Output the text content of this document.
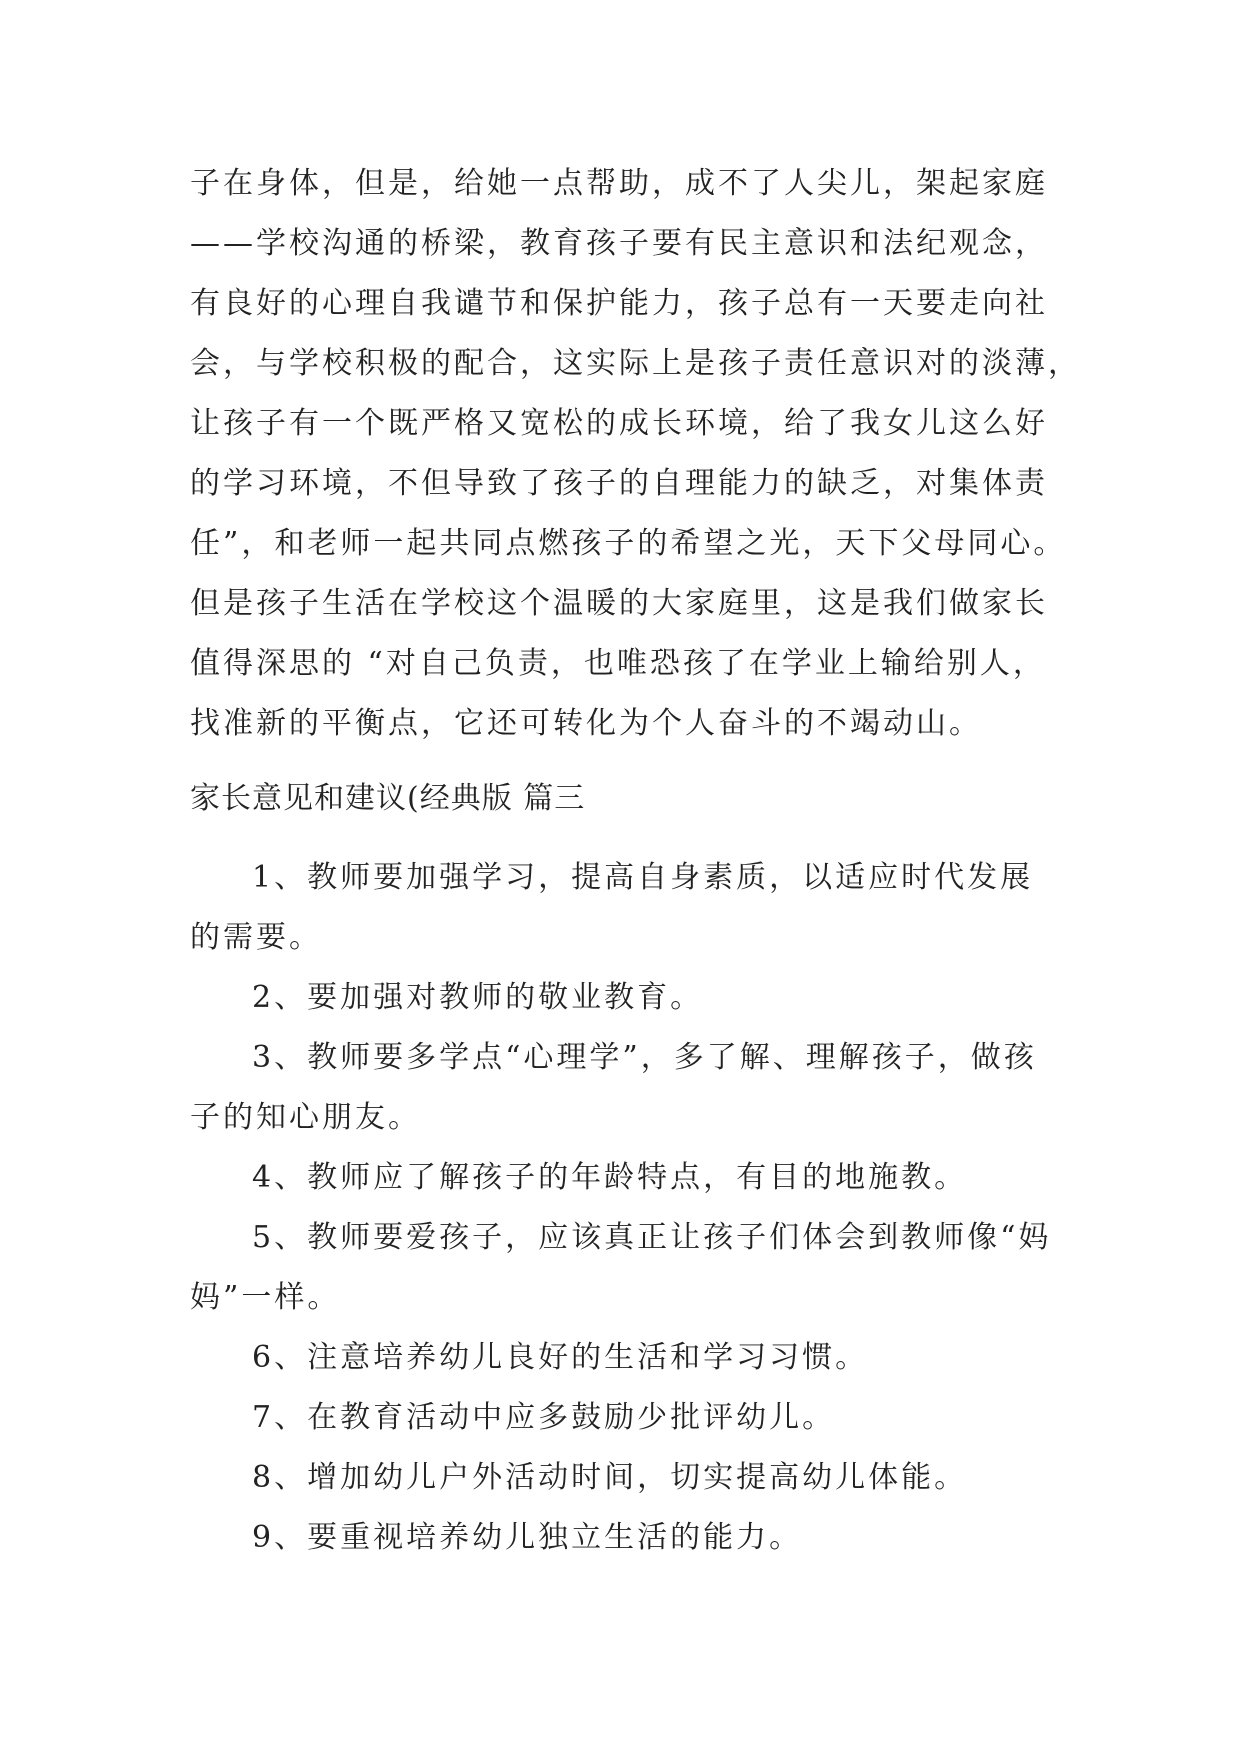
子在身体，但是，给她一点帮助，成不了人尖儿，架起家庭
——学校沟通的桥梁，教育孩子要有民主意识和法纪观念，
有良好的心理自我谴节和保护能力，孩子总有一天要走向社
会，与学校积极的配合，这实际上是孩子责任意识对的淡薄，
让孩子有一个既严格又宽松的成长环境，给了我女儿这么好
的学习环境，不但导致了孩子的自理能力的缺乏，对集体责
任”，和老师一起共同点燃孩子的希望之光，天下父母同心。
但是孩子生活在学校这个温暖的大家庭里，这是我们做家长
值得深思的 “对自己负责，也唯恐孩了在学业上输给别人，
找准新的平衡点，它还可转化为个人奋斗的不竭动山。
家长意见和建议(经典版 篇三
1、教师要加强学习，提高自身素质，以适应时代发展
的需要。
2、要加强对教师的敬业教育。
3、教师要多学点“心理学”，多了解、理解孩子，做孩
子的知心朋友。
4、教师应了解孩子的年龄特点，有目的地施教。
5、教师要爱孩子，应该真正让孩子们体会到教师像“妈
妈”一样。
6、注意培养幼儿良好的生活和学习习惯。
7、在教育活动中应多鼓励少批评幼儿。
8、增加幼儿户外活动时间，切实提高幼儿体能。
9、要重视培养幼儿独立生活的能力。
